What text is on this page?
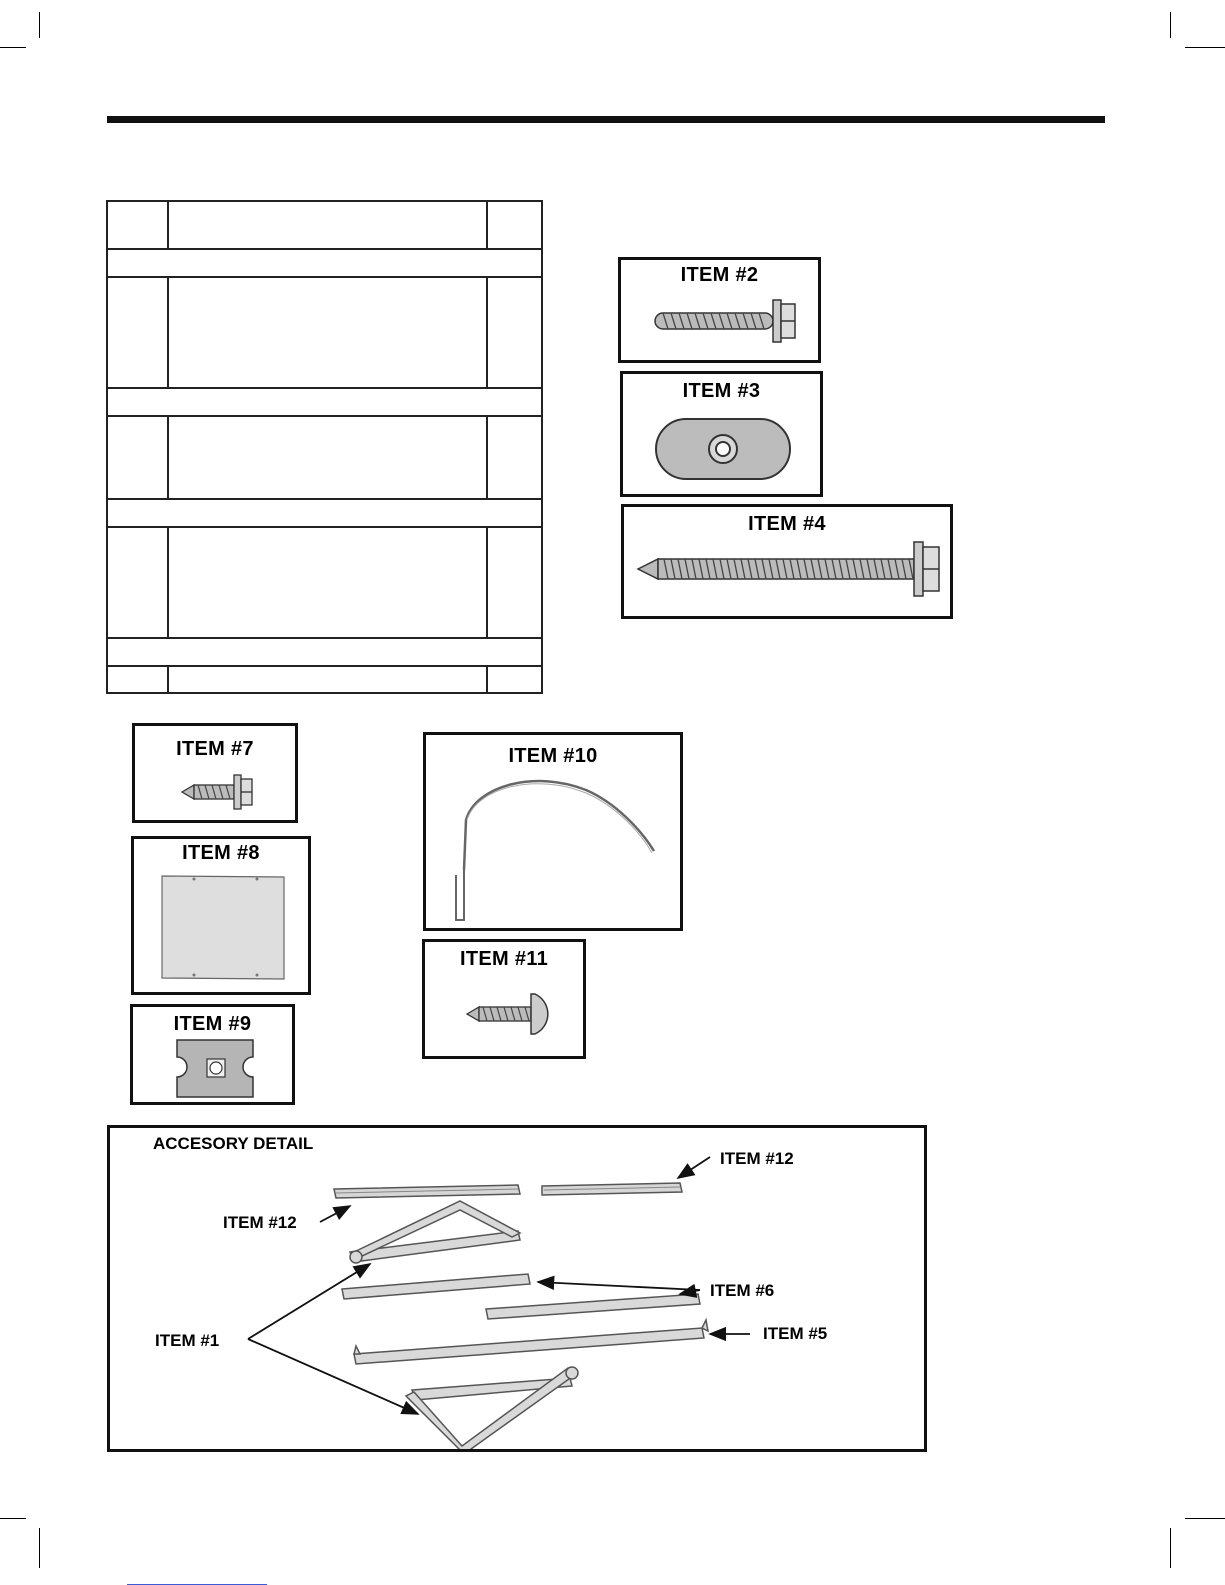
ITEM #2
ITEM #3
ITEM #4
ITEM #7
ITEM #8
ITEM #9
ITEM #10
ITEM #11
ACCESORY DETAIL
ITEM #12
ITEM #12
ITEM #6
ITEM #5
ITEM #1
